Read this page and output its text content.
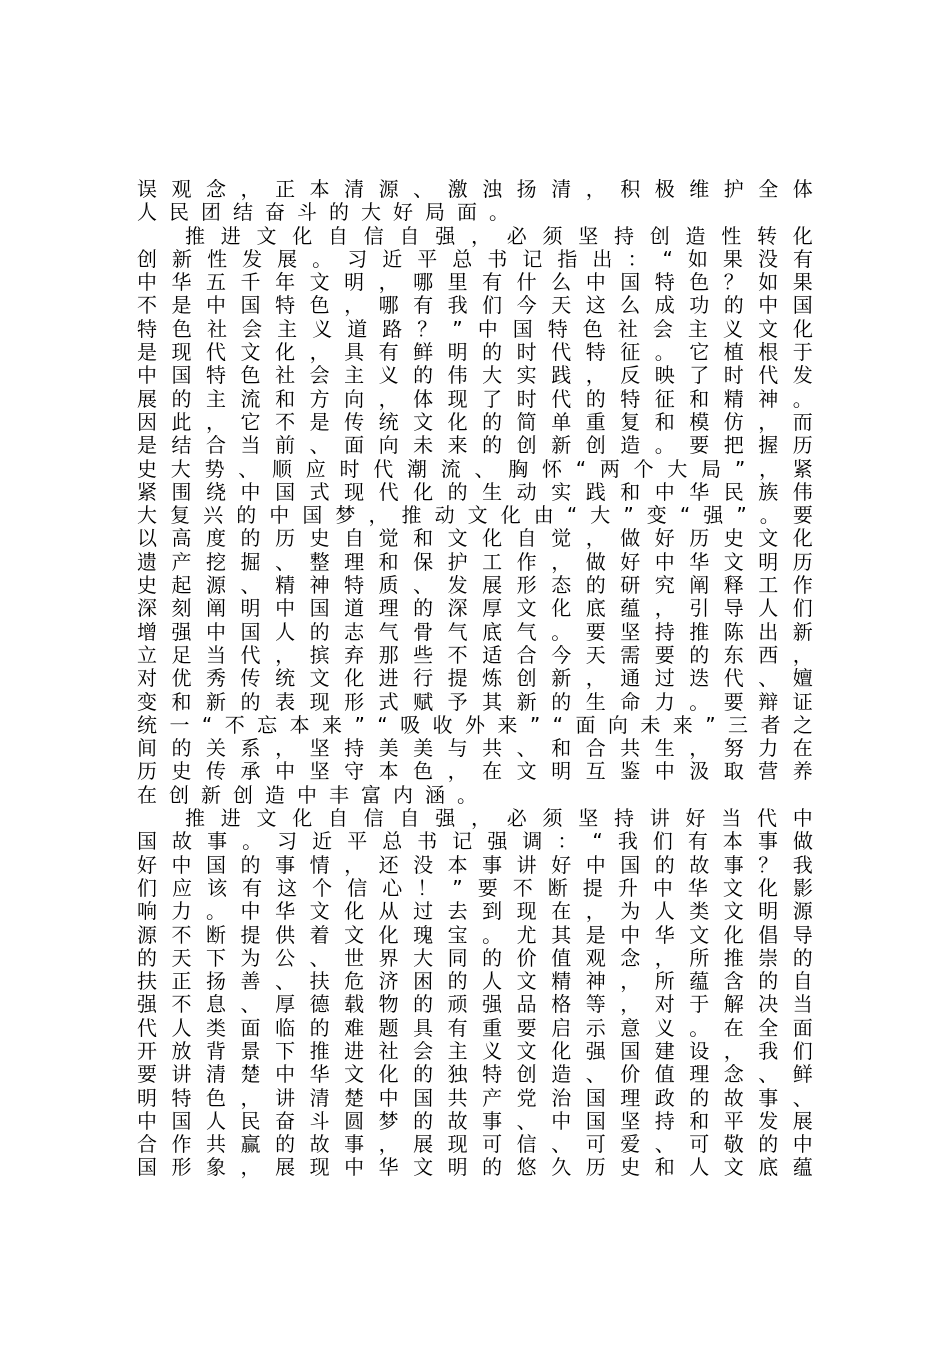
误 观 念 ， 正 本 清 源 、 激 浊 扬 清 ， 积 极 维 护 全 体
人 民 团 结 奋 斗 的 大 好 局 面 。
推 进 文 化 自 信 自 强 ， 必 须 坚 持 创 造 性 转 化
创 新 性 发 展 。 习 近 平 总 书 记 指 出 ： “ 如 果 没 有
中 华 五 千 年 文 明 ， 哪 里 有 什 么 中 国 特 色 ？ 如 果
不 是 中 国 特 色 ， 哪 有 我 们 今 天 这 么 成 功 的 中 国
特 色 社 会 主 义 道 路 ？ ” 中 国 特 色 社 会 主 义 文 化
是 现 代 文 化 ， 具 有 鲜 明 的 时 代 特 征 。 它 植 根 于
中 国 特 色 社 会 主 义 的 伟 大 实 践 ， 反 映 了 时 代 发
展 的 主 流 和 方 向 ， 体 现 了 时 代 的 特 征 和 精 神 。
因 此 ， 它 不 是 传 统 文 化 的 简 单 重 复 和 模 仿 ， 而
是 结 合 当 前 、 面 向 未 来 的 创 新 创 造 。 要 把 握 历
史 大 势 、 顺 应 时 代 潮 流 、 胸 怀 “ 两 个 大 局 ” ， 紧
紧 围 绕 中 国 式 现 代 化 的 生 动 实 践 和 中 华 民 族 伟
大 复 兴 的 中 国 梦 ， 推 动 文 化 由 “ 大 ” 变 “ 强 ” 。 要
以 高 度 的 历 史 自 觉 和 文 化 自 觉 ， 做 好 历 史 文 化
遗 产 挖 掘 、 整 理 和 保 护 工 作 ， 做 好 中 华 文 明 历
史 起 源 、 精 神 特 质 、 发 展 形 态 的 研 究 阐 释 工 作
深 刻 阐 明 中 国 道 理 的 深 厚 文 化 底 蕴 ， 引 导 人 们
增 强 中 国 人 的 志 气 骨 气 底 气 。 要 坚 持 推 陈 出 新
立 足 当 代 ， 摈 弃 那 些 不 适 合 今 天 需 要 的 东 西 ，
对 优 秀 传 统 文 化 进 行 提 炼 创 新 ， 通 过 迭 代 、 嬗
变 和 新 的 表 现 形 式 赋 予 其 新 的 生 命 力 。 要 辩 证
统 一 “ 不 忘 本 来 ” “ 吸 收 外 来 ” “ 面 向 未 来 ” 三 者 之
间 的 关 系 ， 坚 持 美 美 与 共 、 和 合 共 生 ， 努 力 在
历 史 传 承 中 坚 守 本 色 ， 在 文 明 互 鉴 中 汲 取 营 养
在 创 新 创 造 中 丰 富 内 涵 。
推 进 文 化 自 信 自 强 ， 必 须 坚 持 讲 好 当 代 中
国 故 事 。 习 近 平 总 书 记 强 调 ： “ 我 们 有 本 事 做
好 中 国 的 事 情 ， 还 没 本 事 讲 好 中 国 的 故 事 ？ 我
们 应 该 有 这 个 信 心 ！ ” 要 不 断 提 升 中 华 文 化 影
响 力 。 中 华 文 化 从 过 去 到 现 在 ， 为 人 类 文 明 源
源 不 断 提 供 着 文 化 瑰 宝 。 尤 其 是 中 华 文 化 倡 导
的 天 下 为 公 、 世 界 大 同 的 价 值 观 念 ， 所 推 崇 的
扶 正 扬 善 、 扶 危 济 困 的 人 文 精 神 ， 所 蕴 含 的 自
强 不 息 、 厚 德 载 物 的 顽 强 品 格 等 ， 对 于 解 决 当
代 人 类 面 临 的 难 题 具 有 重 要 启 示 意 义 。 在 全 面
开 放 背 景 下 推 进 社 会 主 义 文 化 强 国 建 设 ， 我 们
要 讲 清 楚 中 华 文 化 的 独 特 创 造 、 价 值 理 念 、 鲜
明 特 色 ， 讲 清 楚 中 国 共 产 党 治 国 理 政 的 故 事 、
中 国 人 民 奋 斗 圆 梦 的 故 事 、 中 国 坚 持 和 平 发 展
合 作 共 赢 的 故 事 ， 展 现 可 信 、 可 爱 、 可 敬 的 中
国 形 象 ， 展 现 中 华 文 明 的 悠 久 历 史 和 人 文 底 蕴
